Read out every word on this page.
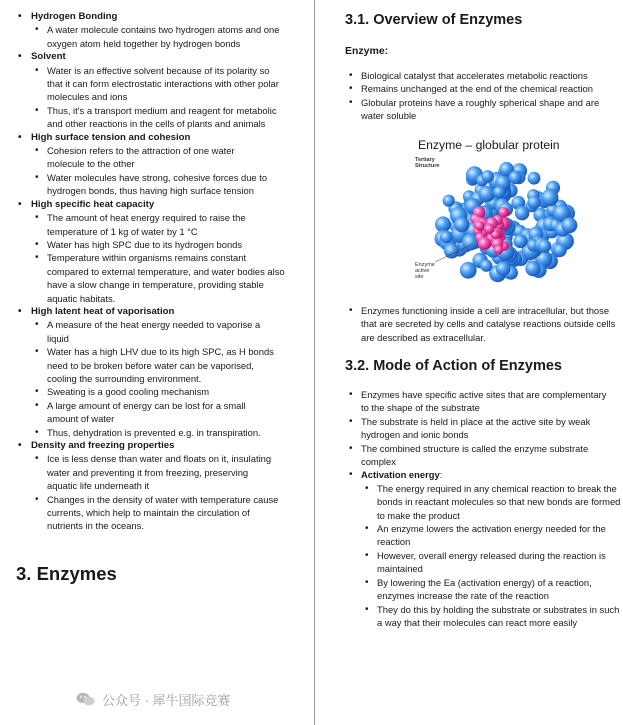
• Hydrogen Bonding
• A water molecule contains two hydrogen atoms and one oxygen atom held together by hydrogen bonds
• Solvent
• Water is an effective solvent because of its polarity so that it can form electrostatic interactions with other polar molecules and ions
• Thus, it's a transport medium and reagent for metabolic and other reactions in the cells of plants and animals
• High surface tension and cohesion
• Cohesion refers to the attraction of one water molecule to the other
• Water molecules have strong, cohesive forces due to hydrogen bonds, thus having high surface tension
• High specific heat capacity
• The amount of heat energy required to raise the temperature of 1 kg of water by 1 °C
• Water has high SPC due to its hydrogen bonds
• Temperature within organisms remains constant compared to external temperature, and water bodies also have a slow change in temperature, providing stable aquatic habitats.
• High latent heat of vaporisation
• A measure of the heat energy needed to vaporise a liquid
• Water has a high LHV due to its high SPC, as H bonds need to be broken before water can be vaporised, cooling the surrounding environment.
• Sweating is a good cooling mechanism
• A large amount of energy can be lost for a small amount of water
• Thus, dehydration is prevented e.g. in transpiration.
• Density and freezing properties
• Ice is less dense than water and floats on it, insulating water and preventing it from freezing, preserving aquatic life underneath it
• Changes in the density of water with temperature cause currents, which help to maintain the circulation of nutrients in the oceans.
3. Enzymes
3.1. Overview of Enzymes

Enzyme:

• Biological catalyst that accelerates metabolic reactions
• Remains unchanged at the end of the chemical reaction
• Globular proteins have a roughly spherical shape and are water soluble
Enzyme – globular protein
Tertiary Structure
Enzyme active site
• Enzymes functioning inside a cell are intracellular, but those that are secreted by cells and catalyse reactions outside cells are described as extracellular.
3.2. Mode of Action of Enzymes
• Enzymes have specific active sites that are complementary to the shape of the substrate
• The substrate is held in place at the active site by weak hydrogen and ionic bonds
• The combined structure is called the enzyme substrate complex
• Activation energy:
• The energy required in any chemical reaction to break the bonds in reactant molecules so that new bonds are formed to make the product
• An enzyme lowers the activation energy needed for the reaction
• However, overall energy released during the reaction is maintained
• By lowering the Ea (activation energy) of a reaction, enzymes increase the rate of the reaction
• They do this by holding the substrate or substrates in such a way that their molecules can react more easily
公众号 · 犀牛国际竞赛
